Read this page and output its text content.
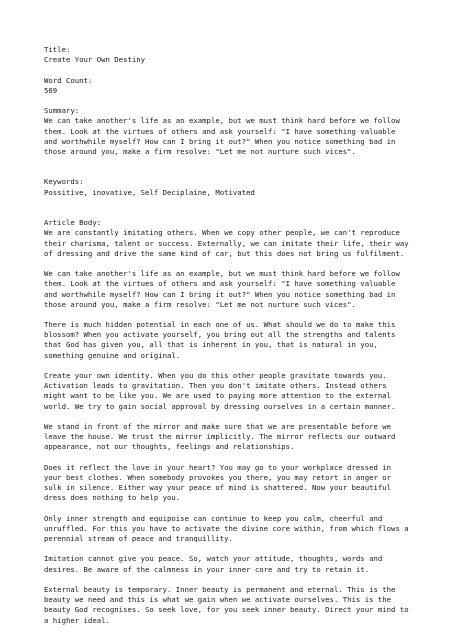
Title:
Create Your Own Destiny
Word Count:
569
Summary:
We can take another's life as an example, but we must think hard before we follow
them. Look at the virtues of others and ask yourself: "I have something valuable
and worthwhile myself? How can I bring it out?" When you notice something bad in
those around you, make a firm resolve: "Let me not nurture such vices".
Keywords:
Possitive, inovative, Self Deciplaine, Motivated
Article Body:
We are constantly imitating others. When we copy other people, we can't reproduce
their charisma, talent or success. Externally, we can imitate their life, their way
of dressing and drive the same kind of car, but this does not bring us fulfilment.
We can take another's life as an example, but we must think hard before we follow
them. Look at the virtues of others and ask yourself: "I have something valuable
and worthwhile myself? How can I bring it out?" When you notice something bad in
those around you, make a firm resolve: "Let me not nurture such vices".
There is much hidden potential in each one of us. What should we do to make this
blossom? When you activate yourself, you bring out all the strengths and talents
that God has given you, all that is inherent in you, that is natural in you,
something genuine and original.
Create your own identity. When you do this other people gravitate towards you.
Activation leads to gravitation. Then you don't imitate others. Instead others
might want to be like you. We are used to paying more attention to the external
world. We try to gain social approval by dressing ourselves in a certain manner.
We stand in front of the mirror and make sure that we are presentable before we
leave the house. We trust the mirror implicitly. The mirror reflects our outward
appearance, not our thoughts, feelings and relationships.
Does it reflect the love in your heart? You may go to your workplace dressed in
your best clothes. When somebody provokes you there, you may retort in anger or
sulk in silence. Either way your peace of mind is shattered. Now your beautiful
dress does nothing to help you.
Only inner strength and equipoise can continue to keep you calm, cheerful and
unruffled. For this you have to activate the divine core within, from which flows a
perennial stream of peace and tranquillity.
Imitation cannot give you peace. So, watch your attitude, thoughts, words and
desires. Be aware of the calmness in your inner core and try to retain it.
External beauty is temporary. Inner beauty is permanent and eternal. This is the
beauty we need and this is what we gain when we activate ourselves. This is the
beauty God recognises. So seek love, for you seek inner beauty. Direct your mind to
a higher ideal.
